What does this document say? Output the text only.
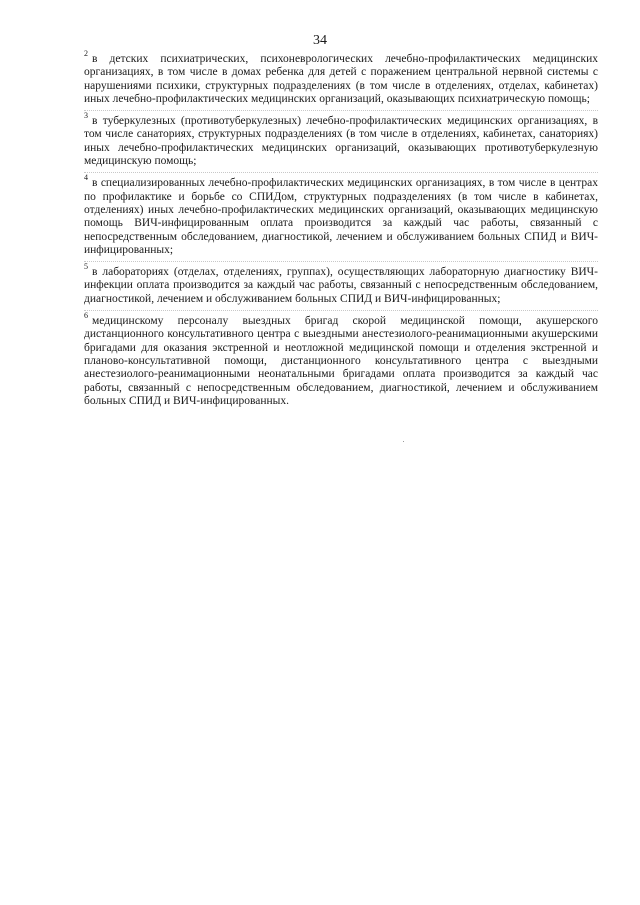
34

$^2$ в детских психиатрических, психоневрологических лечебно-профилактических медицинских организациях, в том числе в домах ребенка для детей с поражением центральной нервной системы с нарушениями психики, структурных подразделениях (в том числе в отделениях, отделах, кабинетах) иных лечебно-профилактических медицинских организаций, оказывающих психиатрическую помощь;

$^3$ в туберкулезных (противотуберкулезных) лечебно-профилактических медицинских организациях, в том числе санаториях, структурных подразделениях (в том числе в отделениях, кабинетах, санаториях) иных лечебно-профилактических медицинских организаций, оказывающих противотуберкулезную медицинскую помощь;

$^4$ в специализированных лечебно-профилактических медицинских организациях, в том числе в центрах по профилактике и борьбе со СПИДом, структурных подразделениях (в том числе в кабинетах, отделениях) иных лечебно-профилактических медицинских организаций, оказывающих медицинскую помощь ВИЧ-инфицированным оплата производится за каждый час работы, связанный с непосредственным обследованием, диагностикой, лечением и обслуживанием больных СПИД и ВИЧ-инфицированных;

$^5$ в лабораториях (отделах, отделениях, группах), осуществляющих лабораторную диагностику ВИЧ-инфекции оплата производится за каждый час работы, связанный с непосредственным обследованием, диагностикой, лечением и обслуживанием больных СПИД и ВИЧ-инфицированных;

$^6$ медицинскому персоналу выездных бригад скорой медицинской помощи, акушерского дистанционного консультативного центра с выездными анестезиолого-реанимационными акушерскими бригадами для оказания экстренной и неотложной медицинской помощи и отделения экстренной и планово-консультативной помощи, дистанционного консультативного центра с выездными анестезиолого-реанимационными неонатальными бригадами оплата производится за каждый час работы, связанный с непосредственным обследованием, диагностикой, лечением и обслуживанием больных СПИД и ВИЧ-инфицированных.
